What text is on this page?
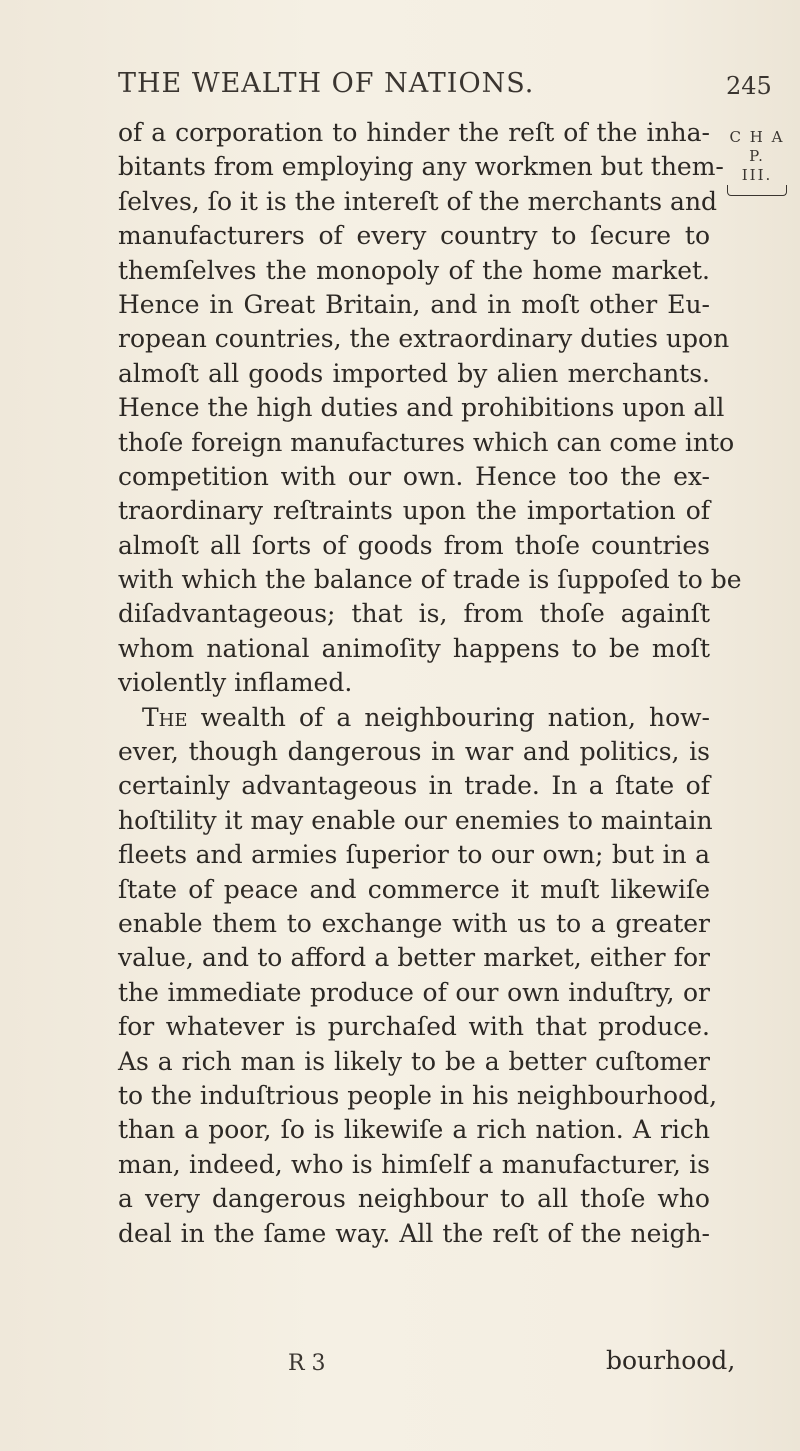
THE WEALTH OF NATIONS.	245
C H A P.
III.
of a corporation to hinder the reſt of the inha-
bitants from employing any workmen but them-
ſelves, ſo it is the intereſt of the merchants and
manufacturers of every country to ſecure to
themſelves the monopoly of the home market.
Hence in Great Britain, and in moſt other Eu-
ropean countries, the extraordinary duties upon
almoſt all goods imported by alien merchants.
Hence the high duties and prohibitions upon all
thoſe foreign manufactures which can come into
competition with our own. Hence too the ex-
traordinary reſtraints upon the importation of
almoſt all ſorts of goods from thoſe countries
with which the balance of trade is ſuppoſed to be
diſadvantageous; that is, from thoſe againſt
whom national animoſity happens to be moſt
violently inflamed.
The wealth of a neighbouring nation, how-
ever, though dangerous in war and politics, is
certainly advantageous in trade. In a ſtate of
hoſtility it may enable our enemies to maintain
fleets and armies ſuperior to our own; but in a
ſtate of peace and commerce it muſt likewiſe
enable them to exchange with us to a greater
value, and to afford a better market, either for
the immediate produce of our own induſtry, or
for whatever is purchaſed with that produce.
As a rich man is likely to be a better cuſtomer
to the induſtrious people in his neighbourhood,
than a poor, ſo is likewiſe a rich nation. A rich
man, indeed, who is himſelf a manufacturer, is
a very dangerous neighbour to all thoſe who
deal in the ſame way. All the reſt of the neigh-
R 3	bourhood,
